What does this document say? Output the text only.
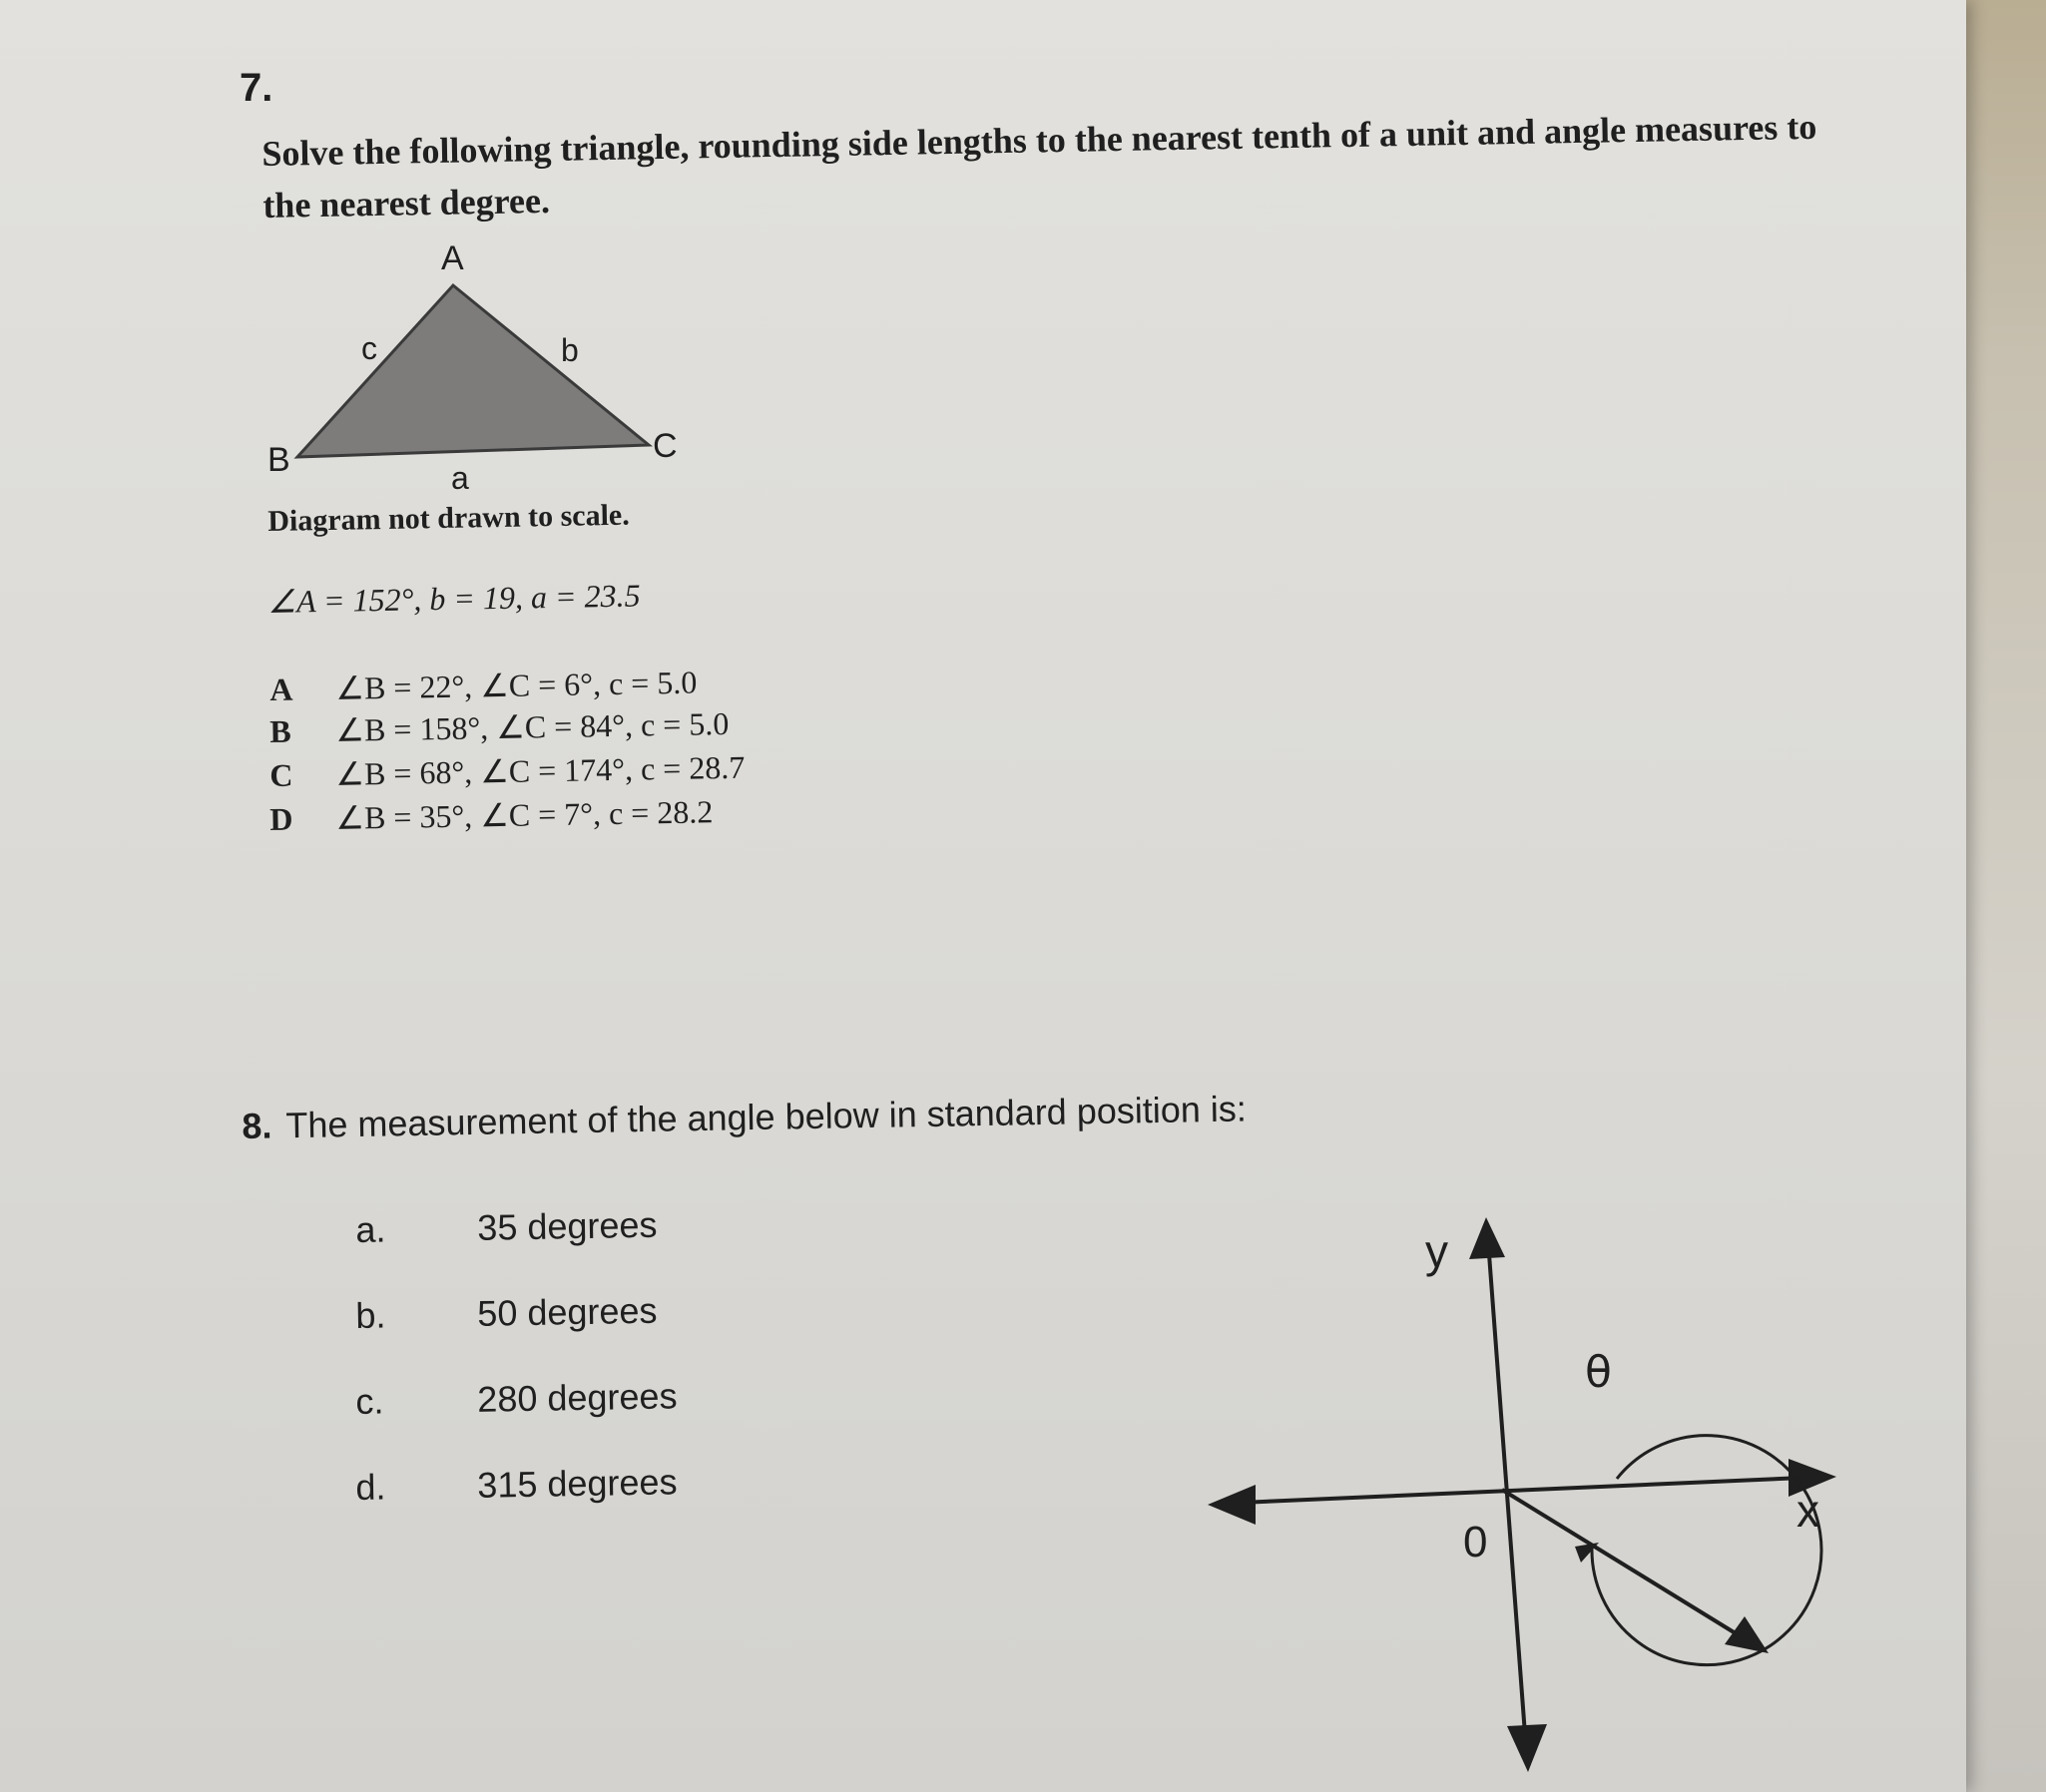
7.
Solve the following triangle, rounding side lengths to the nearest tenth of a unit and angle measures to the nearest degree.
A
B	C
c	b
a
Diagram not drawn to scale.
∠A = 152°, b = 19, a = 23.5
A ∠B = 22°, ∠C = 6°, c = 5.0
B ∠B = 158°, ∠C = 84°, c = 5.0
C ∠B = 68°, ∠C = 174°, c = 28.7
D ∠B = 35°, ∠C = 7°, c = 28.2
8. The measurement of the angle below in standard position is:
a.	35 degrees
b.	50 degrees
c.	280 degrees
d.	315 degrees
y
x
θ
0
